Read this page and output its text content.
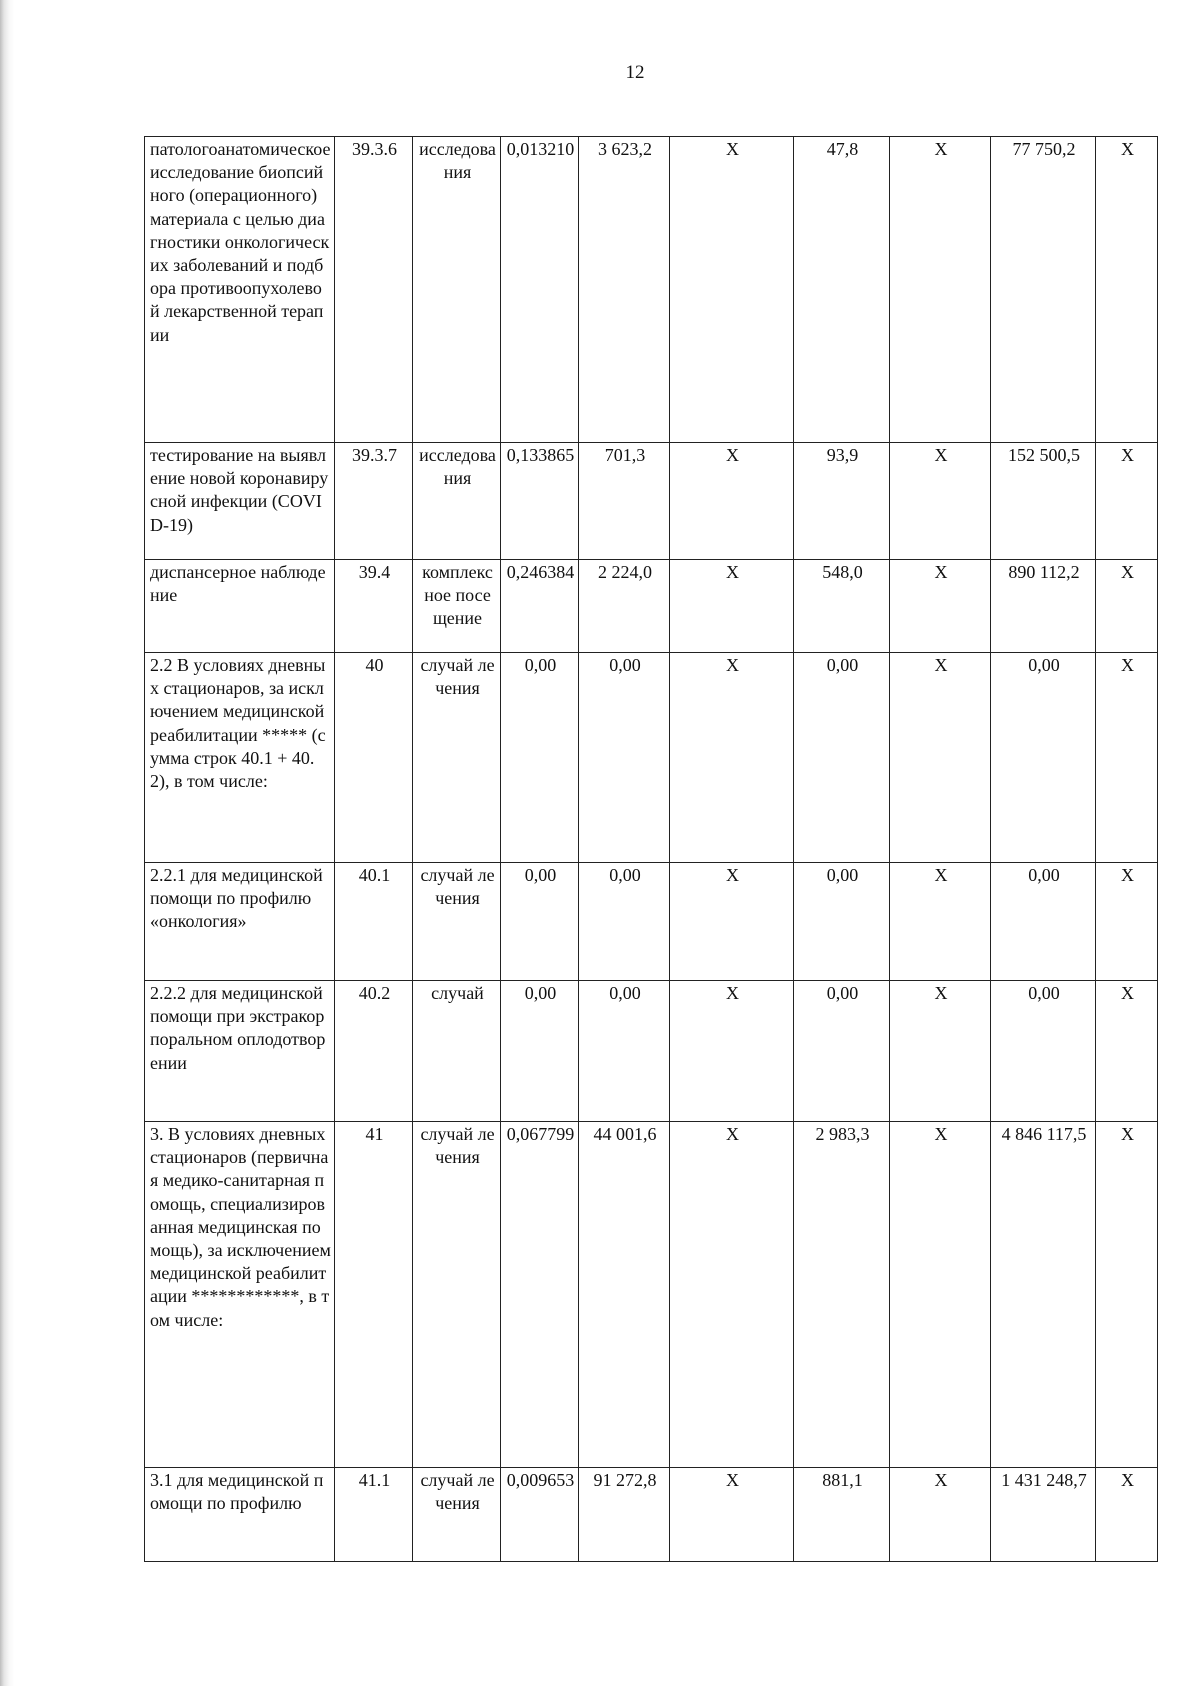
12
патологоанатомическое исследование биопсийного (операционного) материала с целью диагностики онкологических заболеваний и подбора противоопухолевой лекарственной терапии	39.3.6	исследования	0,013210	3 623,2	Х	47,8	Х	77 750,2	Х
тестирование на выявление новой коронавирусной инфекции (COVID-19)	39.3.7	исследования	0,133865	701,3	Х	93,9	Х	152 500,5	Х
диспансерное наблюдение	39.4	комплексное посещение	0,246384	2 224,0	Х	548,0	Х	890 112,2	Х
2.2 В условиях дневных стационаров, за исключением медицинской реабилитации ***** (сумма строк 40.1 + 40.2), в том числе:	40	случай лечения	0,00	0,00	Х	0,00	Х	0,00	Х
2.2.1 для медицинской помощи по профилю «онкология»	40.1	случай лечения	0,00	0,00	Х	0,00	Х	0,00	Х
2.2.2 для медицинской помощи при экстракорпоральном оплодотворении	40.2	случай	0,00	0,00	Х	0,00	Х	0,00	Х
3. В условиях дневных стационаров (первичная медико-санитарная помощь, специализированная медицинская помощь), за исключением медицинской реабилитации ************, в том числе:	41	случай лечения	0,067799	44 001,6	Х	2 983,3	Х	4 846 117,5	Х
3.1 для медицинской помощи по профилю	41.1	случай лечения	0,009653	91 272,8	Х	881,1	Х	1 431 248,7	Х
